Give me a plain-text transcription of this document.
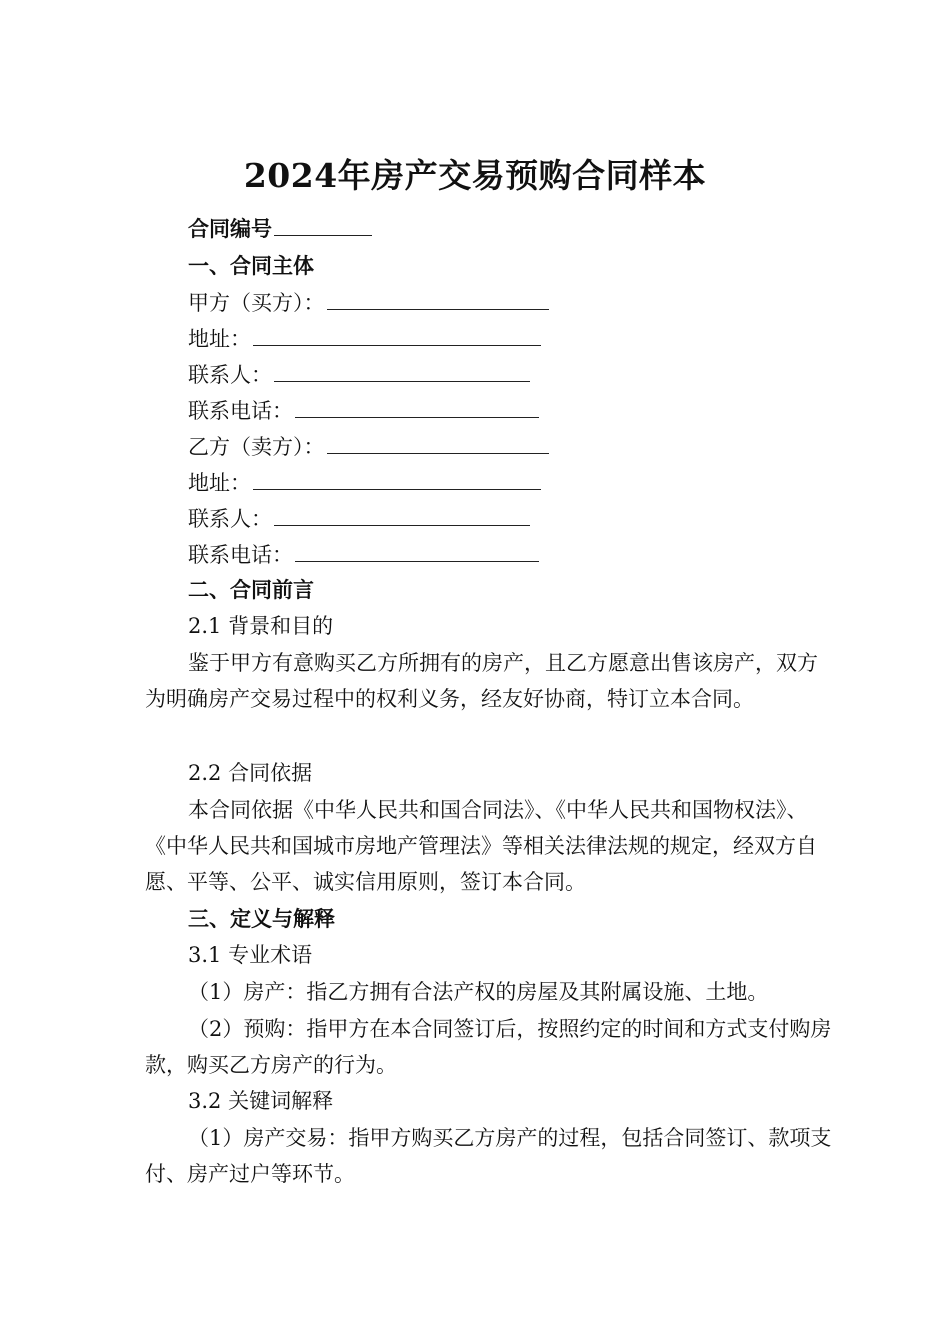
2024年房产交易预购合同样本
合同编号
一、合同主体
甲方（买方）：
地址：
联系人：
联系电话：
乙方（卖方）：
地址：
联系人：
联系电话：
二、合同前言
2.1 背景和目的
鉴于甲方有意购买乙方所拥有的房产，且乙方愿意出售该房产，双方为明确房产交易过程中的权利义务，经友好协商，特订立本合同。
2.2 合同依据
本合同依据《中华人民共和国合同法》、《中华人民共和国物权法》、《中华人民共和国城市房地产管理法》等相关法律法规的规定，经双方自愿、平等、公平、诚实信用原则，签订本合同。
三、定义与解释
3.1 专业术语
（1）房产：指乙方拥有合法产权的房屋及其附属设施、土地。
（2）预购：指甲方在本合同签订后，按照约定的时间和方式支付购房款，购买乙方房产的行为。
3.2 关键词解释
（1）房产交易：指甲方购买乙方房产的过程，包括合同签订、款项支付、房产过户等环节。
